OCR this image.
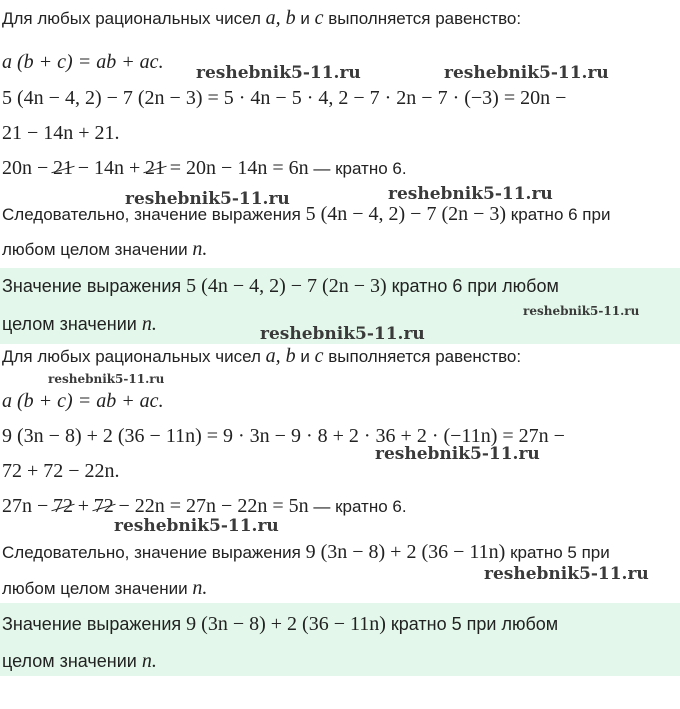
Для любых рациональных чисел a, b и c выполняется равенство:
a (b + c) = ab + ac.
5 (4n − 4, 2) − 7 (2n − 3) = 5 · 4n − 5 · 4, 2 − 7 · 2n − 7 · (−3) = 20n −
21 − 14n + 21.
20n − 21 − 14n + 21 = 20n − 14n = 6n — кратно 6.
Следовательно, значение выражения 5 (4n − 4, 2) − 7 (2n − 3) кратно 6 при
любом целом значении n.
Значение выражения 5 (4n − 4, 2) − 7 (2n − 3) кратно 6 при любом
целом значении n.
Для любых рациональных чисел a, b и c выполняется равенство:
a (b + c) = ab + ac.
9 (3n − 8) + 2 (36 − 11n) = 9 · 3n − 9 · 8 + 2 · 36 + 2 · (−11n) = 27n −
72 + 72 − 22n.
27n − 72 + 72 − 22n = 27n − 22n = 5n — кратно 6.
Следовательно, значение выражения 9 (3n − 8) + 2 (36 − 11n) кратно 5 при
любом целом значении n.
Значение выражения 9 (3n − 8) + 2 (36 − 11n) кратно 5 при любом
целом значении n.
reshebnik5-11.ru	reshebnik5-11.ru
reshebnik5-11.ru	reshebnik5-11.ru
reshebnik5-11.ru
reshebnik5-11.ru
reshebnik5-11.ru
reshebnik5-11.ru
reshebnik5-11.ru
reshebnik5-11.ru
